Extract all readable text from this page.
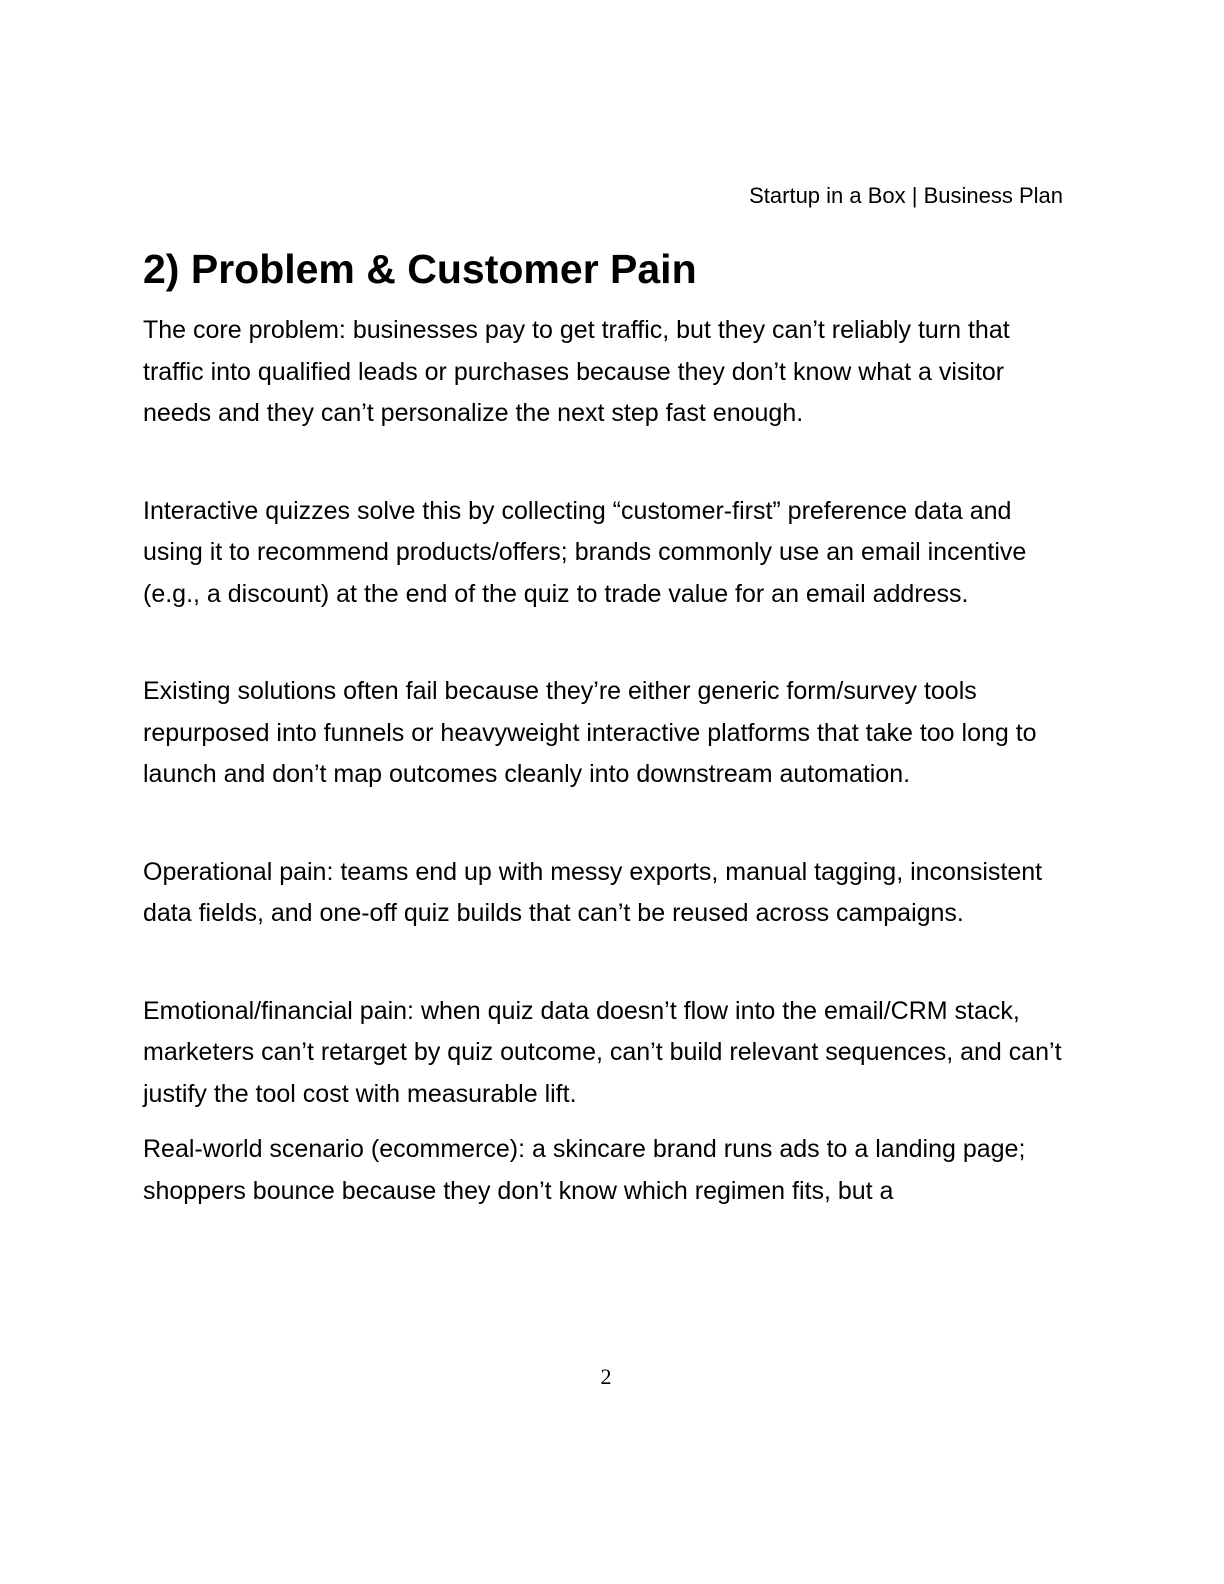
Startup in a Box | Business Plan
2) Problem & Customer Pain

The core problem: businesses pay to get traffic, but they can’t reliably turn that traffic into qualified leads or purchases because they don’t know what a visitor needs and they can’t personalize the next step fast enough.

Interactive quizzes solve this by collecting “customer-first” preference data and using it to recommend products/offers; brands commonly use an email incentive (e.g., a discount) at the end of the quiz to trade value for an email address.

Existing solutions often fail because they’re either generic form/survey tools repurposed into funnels or heavyweight interactive platforms that take too long to launch and don’t map outcomes cleanly into downstream automation.

Operational pain: teams end up with messy exports, manual tagging, inconsistent data fields, and one-off quiz builds that can’t be reused across campaigns.

Emotional/financial pain: when quiz data doesn’t flow into the email/CRM stack, marketers can’t retarget by quiz outcome, can’t build relevant sequences, and can’t justify the tool cost with measurable lift.

Real-world scenario (ecommerce): a skincare brand runs ads to a landing page; shoppers bounce because they don’t know which regimen fits, but a

2
